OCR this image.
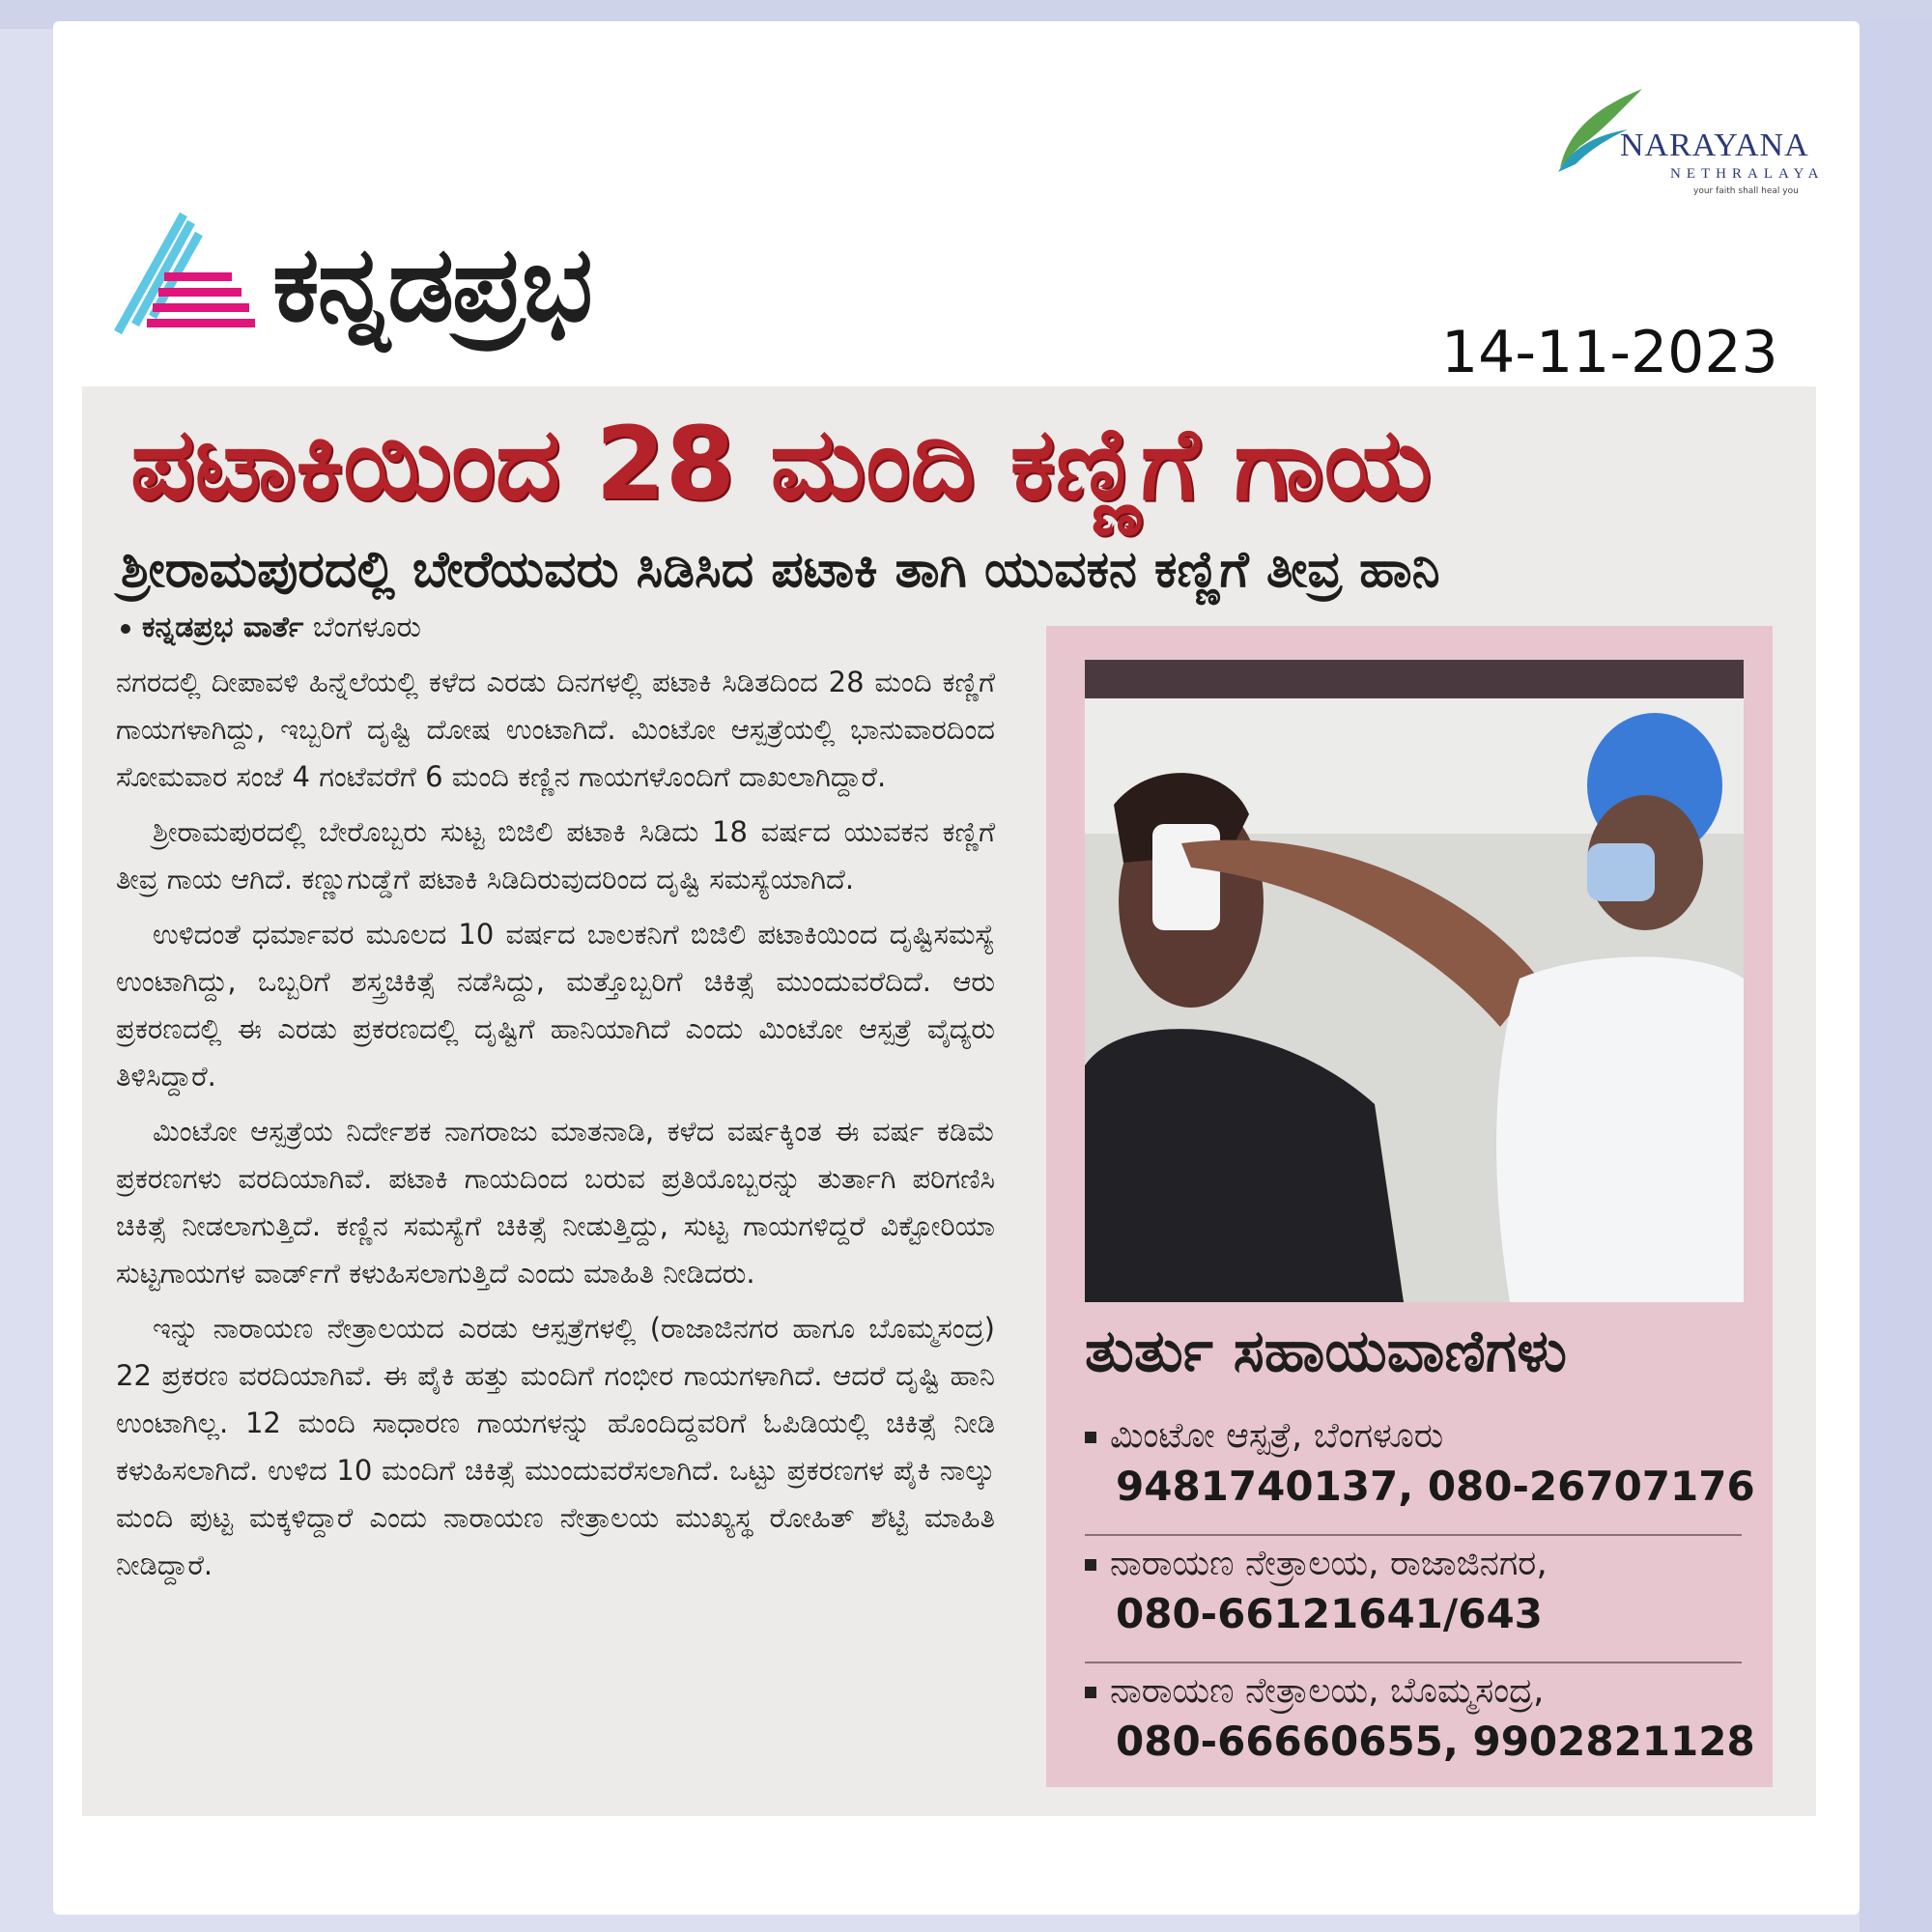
NARAYANA
NETHRALAYA
your faith shall heal you
ಕನ್ನಡಪ್ರಭ
14-11-2023
ಪಟಾಕಿಯಿಂದ 28 ಮಂದಿ ಕಣ್ಣಿಗೆ ಗಾಯ
ಶ್ರೀರಾಮಪುರದಲ್ಲಿ ಬೇರೆಯವರು ಸಿಡಿಸಿದ ಪಟಾಕಿ ತಾಗಿ ಯುವಕನ ಕಣ್ಣಿಗೆ ತೀವ್ರ ಹಾನಿ
ಕನ್ನಡಪ್ರಭ ವಾರ್ತೆ ಬೆಂಗಳೂರು

ನಗರದಲ್ಲಿ ದೀಪಾವಳಿ ಹಿನ್ನೆಲೆಯಲ್ಲಿ ಕಳೆದ ಎರಡು ದಿನಗಳಲ್ಲಿ ಪಟಾಕಿ ಸಿಡಿತದಿಂದ 28 ಮಂದಿ ಕಣ್ಣಿಗೆ ಗಾಯಗಳಾಗಿದ್ದು, ಇಬ್ಬರಿಗೆ ದೃಷ್ಟಿ ದೋಷ ಉಂಟಾಗಿದೆ. ಮಿಂಟೋ ಆಸ್ಪತ್ರೆಯಲ್ಲಿ ಭಾನುವಾರದಿಂದ ಸೋಮವಾರ ಸಂಜೆ 4 ಗಂಟೆವರೆಗೆ 6 ಮಂದಿ ಕಣ್ಣಿನ ಗಾಯಗಳೊಂದಿಗೆ ದಾಖಲಾಗಿದ್ದಾರೆ.

ಶ್ರೀರಾಮಪುರದಲ್ಲಿ ಬೇರೊಬ್ಬರು ಸುಟ್ಟ ಬಿಜಿಲಿ ಪಟಾಕಿ ಸಿಡಿದು 18 ವರ್ಷದ ಯುವಕನ ಕಣ್ಣಿಗೆ ತೀವ್ರ ಗಾಯ ಆಗಿದೆ. ಕಣ್ಣುಗುಡ್ಡೆಗೆ ಪಟಾಕಿ ಸಿಡಿದಿರುವುದರಿಂದ ದೃಷ್ಟಿ ಸಮಸ್ಯೆಯಾಗಿದೆ.

ಉಳಿದಂತೆ ಧರ್ಮಾವರ ಮೂಲದ 10 ವರ್ಷದ ಬಾಲಕನಿಗೆ ಬಿಜಿಲಿ ಪಟಾಕಿಯಿಂದ ದೃಷ್ಟಿಸಮಸ್ಯೆ ಉಂಟಾಗಿದ್ದು, ಒಬ್ಬರಿಗೆ ಶಸ್ತ್ರಚಿಕಿತ್ಸೆ ನಡೆಸಿದ್ದು, ಮತ್ತೊಬ್ಬರಿಗೆ ಚಿಕಿತ್ಸೆ ಮುಂದುವರೆದಿದೆ. ಆರು ಪ್ರಕರಣದಲ್ಲಿ ಈ ಎರಡು ಪ್ರಕರಣದಲ್ಲಿ ದೃಷ್ಟಿಗೆ ಹಾನಿಯಾಗಿದೆ ಎಂದು ಮಿಂಟೋ ಆಸ್ಪತ್ರೆ ವೈದ್ಯರು ತಿಳಿಸಿದ್ದಾರೆ.

ಮಿಂಟೋ ಆಸ್ಪತ್ರೆಯ ನಿರ್ದೇಶಕ ನಾಗರಾಜು ಮಾತನಾಡಿ, ಕಳೆದ ವರ್ಷಕ್ಕಿಂತ ಈ ವರ್ಷ ಕಡಿಮೆ ಪ್ರಕರಣಗಳು ವರದಿಯಾಗಿವೆ. ಪಟಾಕಿ ಗಾಯದಿಂದ ಬರುವ ಪ್ರತಿಯೊಬ್ಬರನ್ನು ತುರ್ತಾಗಿ ಪರಿಗಣಿಸಿ ಚಿಕಿತ್ಸೆ ನೀಡಲಾಗುತ್ತಿದೆ. ಕಣ್ಣಿನ ಸಮಸ್ಯೆಗೆ ಚಿಕಿತ್ಸೆ ನೀಡುತ್ತಿದ್ದು, ಸುಟ್ಟ ಗಾಯಗಳಿದ್ದರೆ ವಿಕ್ಟೋರಿಯಾ ಸುಟ್ಟಗಾಯಗಳ ವಾರ್ಡ್‌ಗೆ ಕಳುಹಿಸಲಾಗುತ್ತಿದೆ ಎಂದು ಮಾಹಿತಿ ನೀಡಿದರು.

ಇನ್ನು ನಾರಾಯಣ ನೇತ್ರಾಲಯದ ಎರಡು ಆಸ್ಪತ್ರೆಗಳಲ್ಲಿ (ರಾಜಾಜಿನಗರ ಹಾಗೂ ಬೊಮ್ಮಸಂದ್ರ) 22 ಪ್ರಕರಣ ವರದಿಯಾಗಿವೆ. ಈ ಪೈಕಿ ಹತ್ತು ಮಂದಿಗೆ ಗಂಭೀರ ಗಾಯಗಳಾಗಿದೆ. ಆದರೆ ದೃಷ್ಟಿ ಹಾನಿ ಉಂಟಾಗಿಲ್ಲ. 12 ಮಂದಿ ಸಾಧಾರಣ ಗಾಯಗಳನ್ನು ಹೊಂದಿದ್ದವರಿಗೆ ಓಪಿಡಿಯಲ್ಲಿ ಚಿಕಿತ್ಸೆ ನೀಡಿ ಕಳುಹಿಸಲಾಗಿದೆ. ಉಳಿದ 10 ಮಂದಿಗೆ ಚಿಕಿತ್ಸೆ ಮುಂದುವರೆಸಲಾಗಿದೆ. ಒಟ್ಟು ಪ್ರಕರಣಗಳ ಪೈಕಿ ನಾಲ್ಕು ಮಂದಿ ಪುಟ್ಟ ಮಕ್ಕಳಿದ್ದಾರೆ ಎಂದು ನಾರಾಯಣ ನೇತ್ರಾಲಯ ಮುಖ್ಯಸ್ಥ ರೋಹಿತ್ ಶೆಟ್ಟಿ ಮಾಹಿತಿ ನೀಡಿದ್ದಾರೆ.

ತುರ್ತು ಸಹಾಯವಾಣಿಗಳು
ಮಿಂಟೋ ಆಸ್ಪತ್ರೆ, ಬೆಂಗಳೂರು
9481740137, 080-26707176
ನಾರಾಯಣ ನೇತ್ರಾಲಯ, ರಾಜಾಜಿನಗರ,
080-66121641/643
ನಾರಾಯಣ ನೇತ್ರಾಲಯ, ಬೊಮ್ಮಸಂದ್ರ,
080-66660655, 9902821128
